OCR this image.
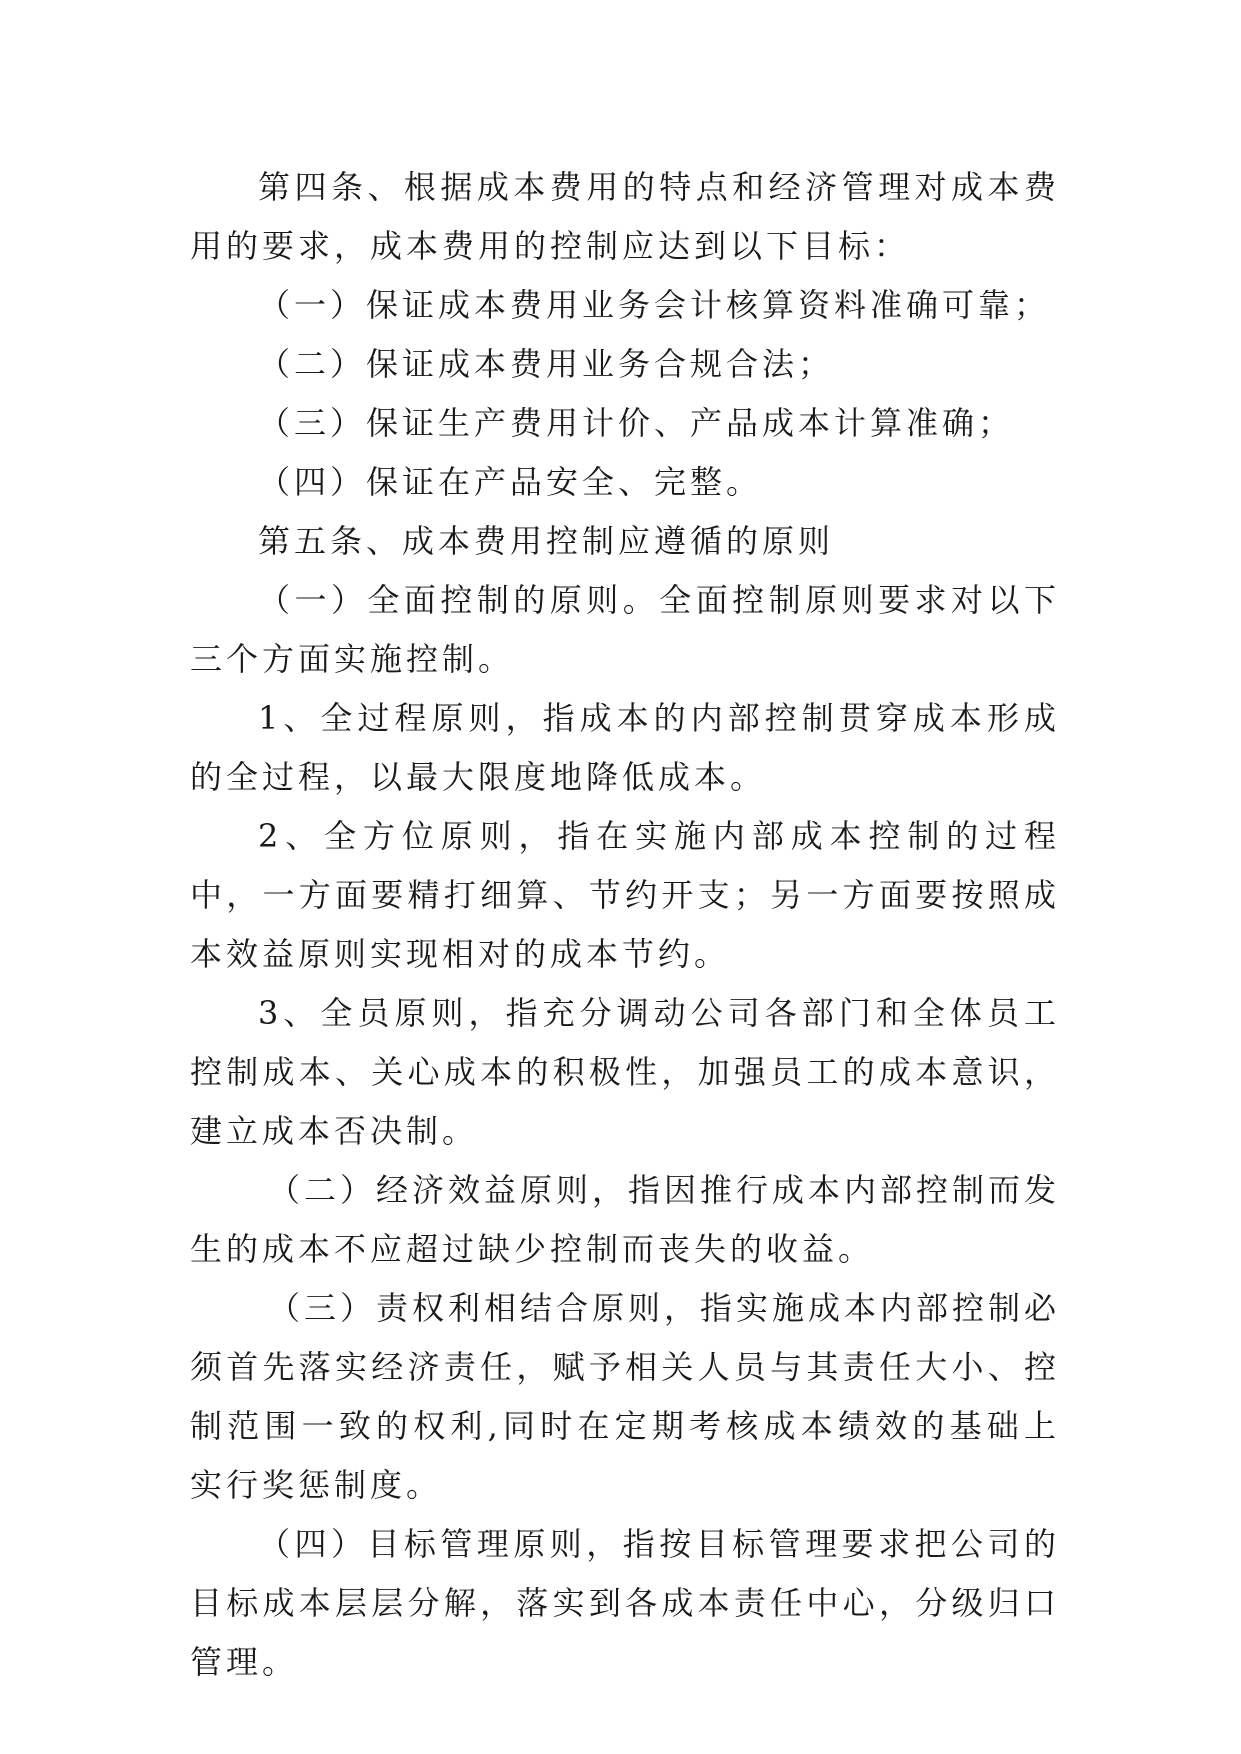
第四条、根据成本费用的特点和经济管理对成本费用的要求，成本费用的控制应达到以下目标：

（一）保证成本费用业务会计核算资料准确可靠；

（二）保证成本费用业务合规合法；

（三）保证生产费用计价、产品成本计算准确；

（四）保证在产品安全、完整。

第五条、成本费用控制应遵循的原则

（一）全面控制的原则。全面控制原则要求对以下三个方面实施控制。

1、全过程原则，指成本的内部控制贯穿成本形成的全过程，以最大限度地降低成本。

2、全方位原则，指在实施内部成本控制的过程中，一方面要精打细算、节约开支；另一方面要按照成本效益原则实现相对的成本节约。

3、全员原则，指充分调动公司各部门和全体员工控制成本、关心成本的积极性，加强员工的成本意识，建立成本否决制。

（二）经济效益原则，指因推行成本内部控制而发生的成本不应超过缺少控制而丧失的收益。

（三）责权利相结合原则，指实施成本内部控制必须首先落实经济责任，赋予相关人员与其责任大小、控制范围一致的权利,同时在定期考核成本绩效的基础上实行奖惩制度。

（四）目标管理原则，指按目标管理要求把公司的目标成本层层分解，落实到各成本责任中心，分级归口管理。
